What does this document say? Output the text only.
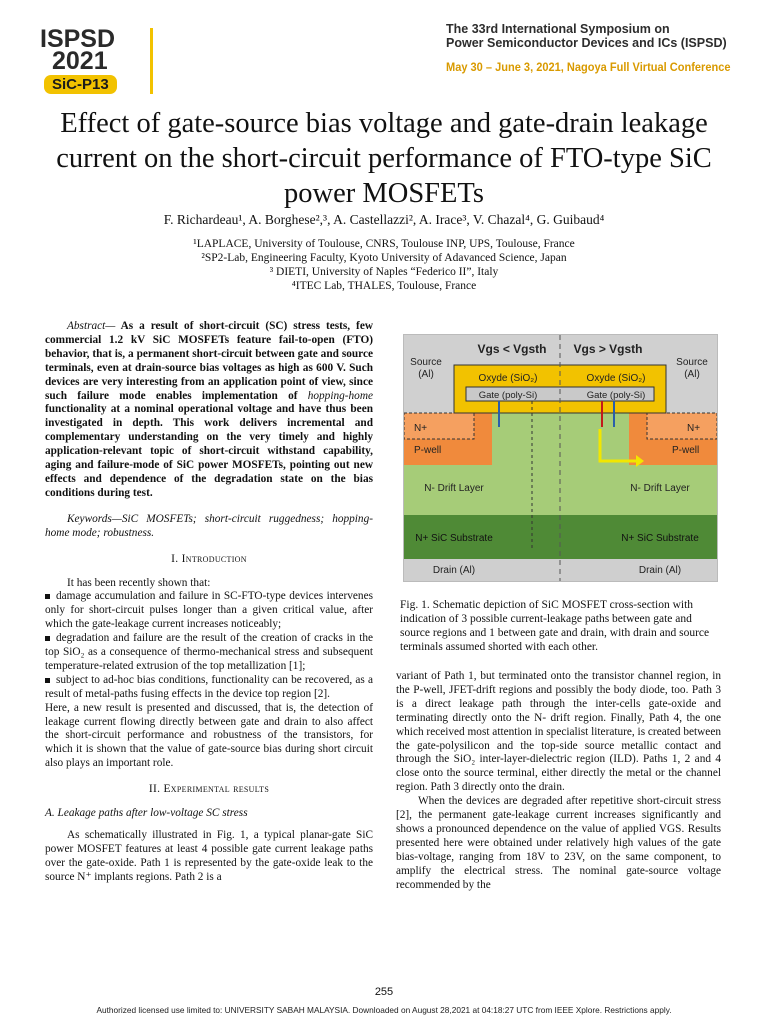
ISPSD
2021
SiC-P13
The 33rd International Symposium on
Power Semiconductor Devices and ICs (ISPSD)
May 30 – June 3, 2021, Nagoya Full Virtual Conference
Effect of gate-source bias voltage and gate-drain leakage current on the short-circuit performance of FTO-type SiC power MOSFETs
F. Richardeau¹, A. Borghese²,³, A. Castellazzi², A. Irace³, V. Chazal⁴, G. Guibaud⁴
¹LAPLACE, University of Toulouse, CNRS, Toulouse INP, UPS, Toulouse, France
²SP2-Lab, Engineering Faculty, Kyoto University of Adavanced Science, Japan
³ DIETI, University of Naples “Federico II”, Italy
⁴ITEC Lab, THALES, Toulouse, France

Abstract— As a result of short-circuit (SC) stress tests, few commercial 1.2 kV SiC MOSFETs feature fail-to-open (FTO) behavior, that is, a permanent short-circuit between gate and source terminals, even at drain-source bias voltages as high as 600 V. Such devices are very interesting from an application point of view, since such failure mode enables implementation of hopping-home functionality at a nominal operational voltage and have thus been investigated in depth. This work delivers incremental and complementary understanding on the very timely and highly application-relevant topic of short-circuit withstand capability, aging and failure-mode of SiC power MOSFETs, pointing out new effects and dependence of the degradation state on the bias conditions during test.

Keywords—SiC MOSFETs; short-circuit ruggedness; hopping-home mode; robustness.

I. Introduction

It has been recently shown that:

damage accumulation and failure in SC-FTO-type devices intervenes only for short-circuit pulses longer than a given critical value, after which the gate-leakage current increases noticeably;

degradation and failure are the result of the creation of cracks in the top SiO₂ as a consequence of thermo-mechanical stress and subsequent temperature-related extrusion of the top metallization [1];

subject to ad-hoc bias conditions, functionality can be recovered, as a result of metal-paths fusing effects in the device top region [2].

Here, a new result is presented and discussed, that is, the detection of leakage current flowing directly between gate and drain to also affect the short-circuit performance and robustness of the transistors, for which it is shown that the value of gate-source bias during short circuit also plays an important role.

II. Experimental results

A. Leakage paths after low-voltage SC stress

As schematically illustrated in Fig. 1, a typical planar-gate SiC power MOSFET features at least 4 possible gate current leakage paths over the gate-oxide. Path 1 is represented by the gate-oxide leak to the source N⁺ implants regions. Path 2 is a

Vgs < Vgsth Vgs > Vgsth
Source
(Al)
Source
(Al)
Oxyde (SiO₂)	Oxyde (SiO₂)
Gate (poly-Si)	Gate (poly-Si)
N+	N+
P-well	P-well
N- Drift Layer	N- Drift Layer
N+ SiC Substrate	N+ SiC Substrate
Drain (Al)	Drain (Al)
Fig. 1. Schematic depiction of SiC MOSFET cross-section with indication of 3 possible current-leakage paths between gate and source regions and 1 between gate and drain, with drain and source terminals assumed shorted with each other.

variant of Path 1, but terminated onto the transistor channel region, in the P-well, JFET-drift regions and possibly the body diode, too. Path 3 is a direct leakage path through the inter-cells gate-oxide and terminating directly onto the N- drift region. Finally, Path 4, the one which received most attention in specialist literature, is created between the gate-polysilicon and the top-side source metallic contact and through the SiO₂ inter-layer-dielectric region (ILD). Paths 1, 2 and 4 close onto the source terminal, either directly the metal or the channel region. Path 3 directly onto the drain.

When the devices are degraded after repetitive short-circuit stress [2], the permanent gate-leakage current increases significantly and shows a pronounced dependence on the value of applied VGS. Results presented here were obtained under relatively high values of the gate bias-voltage, ranging from 18V to 23V, on the same component, to amplify the electrical stress. The nominal gate-source voltage recommended by the

255
Authorized licensed use limited to: UNIVERSITY SABAH MALAYSIA. Downloaded on August 28,2021 at 04:18:27 UTC from IEEE Xplore. Restrictions apply.
